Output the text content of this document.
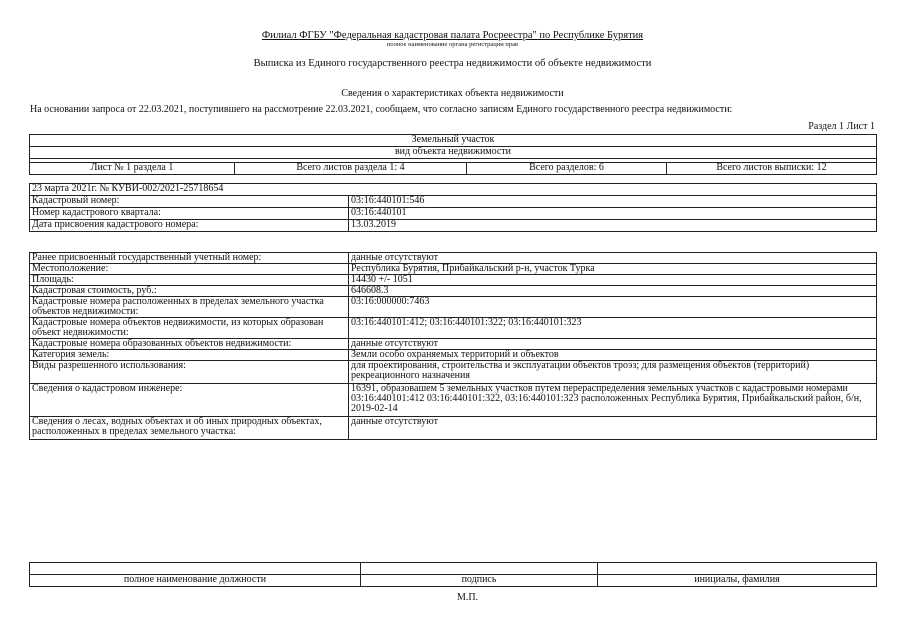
Филиал ФГБУ "Федеральная кадастровая палата Росреестра" по Республике Бурятия
полное наименование органа регистрации прав
Выписка из Единого государственного реестра недвижимости об объекте недвижимости
Сведения о характеристиках объекта недвижимости
На основании запроса от 22.03.2021, поступившего на рассмотрение 22.03.2021, сообщаем, что согласно записям Единого государственного реестра недвижимости:
Раздел 1 Лист 1
Земельный участок
вид объекта недвижимости

Лист № 1 раздела 1	Всего листов раздела 1: 4	Всего разделов: 6	Всего листов выписки: 12
23 марта 2021г. № КУВИ-002/2021-25718654	
Кадастровый номер:	03:16:440101:546
Номер кадастрового квартала:	03:16:440101
Дата присвоения кадастрового номера:	13.03.2019
Ранее присвоенный государственный учетный номер:	данные отсутствуют
Местоположение:	Республика Бурятия, Прибайкальский р-н, участок Турка
Площадь:	14430 +/- 1051
Кадастровая стоимость, руб.:	646608.3
Кадастровые номера расположенных в пределах земельного участка объектов недвижимости:	03:16:000000:7463
Кадастровые номера объектов недвижимости, из которых образован объект недвижимости:	03:16:440101:412; 03:16:440101:322; 03:16:440101:323
Кадастровые номера образованных объектов недвижимости:	данные отсутствуют
Категория земель:	Земли особо охраняемых территорий и объектов
Виды разрешенного использования:	для проектирования, строительства и эксплуатации объектов троэз; для размещения объектов (территорий) рекреационного назначения
Сведения о кадастровом инженере:	16391, образовашем 5 земельных участков путем перераспределения земельных участков с кадастровыми номерами 03:16:440101:412 03:16:440101:322, 03:16:440101:323 расположенных Республика Бурятия, Прибайкальский район, б/н, 2019-02-14
Сведения о лесах, водных объектах и об иных природных объектах, расположенных в пределах земельного участка:	данные отсутствуют

полное наименование должности	подпись	инициалы, фамилия
М.П.
